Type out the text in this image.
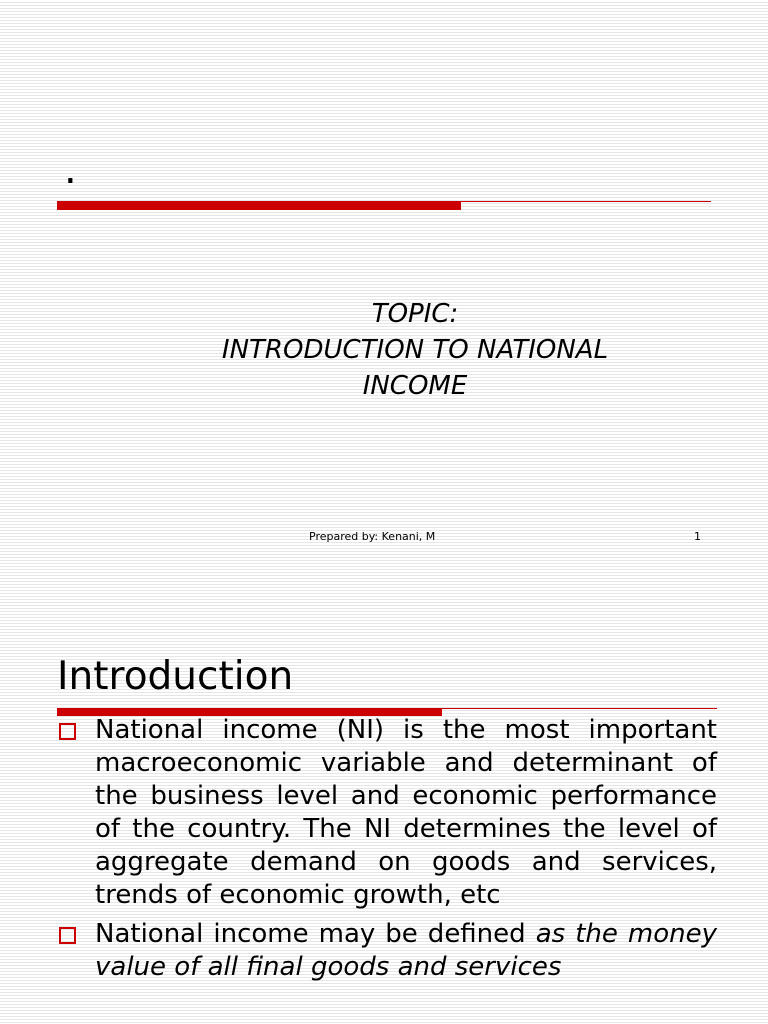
.
TOPIC:
INTRODUCTION TO NATIONAL
INCOME
Prepared by: Kenani, M	1
Introduction
National income (NI) is the most important macroeconomic variable and determinant of the business level and economic performance of the country. The NI determines the level of aggregate demand on goods and services, trends of economic growth, etc
National income may be defined as the money value of all final goods and services
